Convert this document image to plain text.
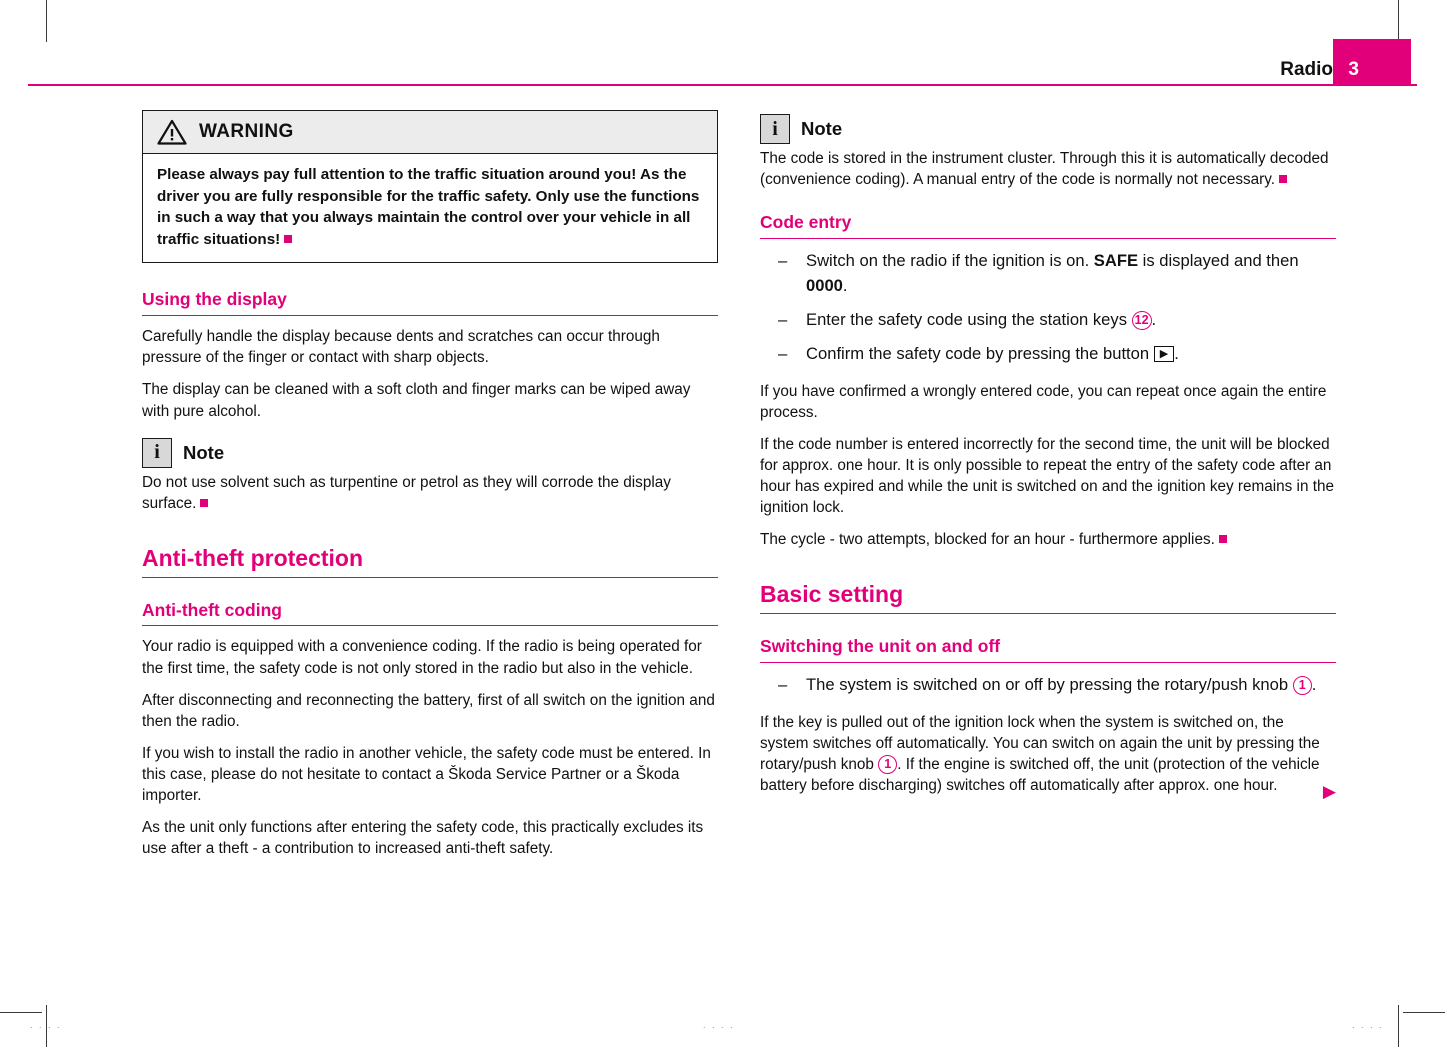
. . . .	. . . .	. . . .
Radio 3
WARNING
Please always pay full attention to the traffic situation around you! As the driver you are fully responsible for the traffic safety. Only use the functions in such a way that you always maintain the control over your vehicle in all traffic situations!
Using the display

Carefully handle the display because dents and scratches can occur through pressure of the finger or contact with sharp objects.

The display can be cleaned with a soft cloth and finger marks can be wiped away with pure alcohol.

i	Note

Do not use solvent such as turpentine or petrol as they will corrode the display surface.

Anti-theft protection
Anti-theft coding

Your radio is equipped with a convenience coding. If the radio is being operated for the first time, the safety code is not only stored in the radio but also in the vehicle.

After disconnecting and reconnecting the battery, first of all switch on the ignition and then the radio.

If you wish to install the radio in another vehicle, the safety code must be entered. In this case, please do not hesitate to contact a Škoda Service Partner or a Škoda importer.

As the unit only functions after entering the safety code, this practically excludes its use after a theft - a contribution to increased anti-theft safety.

i	Note

The code is stored in the instrument cluster. Through this it is automatically decoded (convenience coding). A manual entry of the code is normally not necessary.

Code entry
– Switch on the radio if the ignition is on. SAFE is displayed and then 0000.
– Enter the safety code using the station keys 12 .
– Confirm the safety code by pressing the button ▶ .

If you have confirmed a wrongly entered code, you can repeat once again the entire process.

If the code number is entered incorrectly for the second time, the unit will be blocked for approx. one hour. It is only possible to repeat the entry of the safety code after an hour has expired and while the unit is switched on and the ignition key remains in the ignition lock.

The cycle - two attempts, blocked for an hour - furthermore applies.

Basic setting
Switching the unit on and off
– The system is switched on or off by pressing the rotary/push knob 1 .

If the key is pulled out of the ignition lock when the system is switched on, the system switches off automatically. You can switch on again the unit by pressing the rotary/push knob 1 . If the engine is switched off, the unit (protection of the vehicle battery before discharging) switches off automatically after approx. one hour.	▶
